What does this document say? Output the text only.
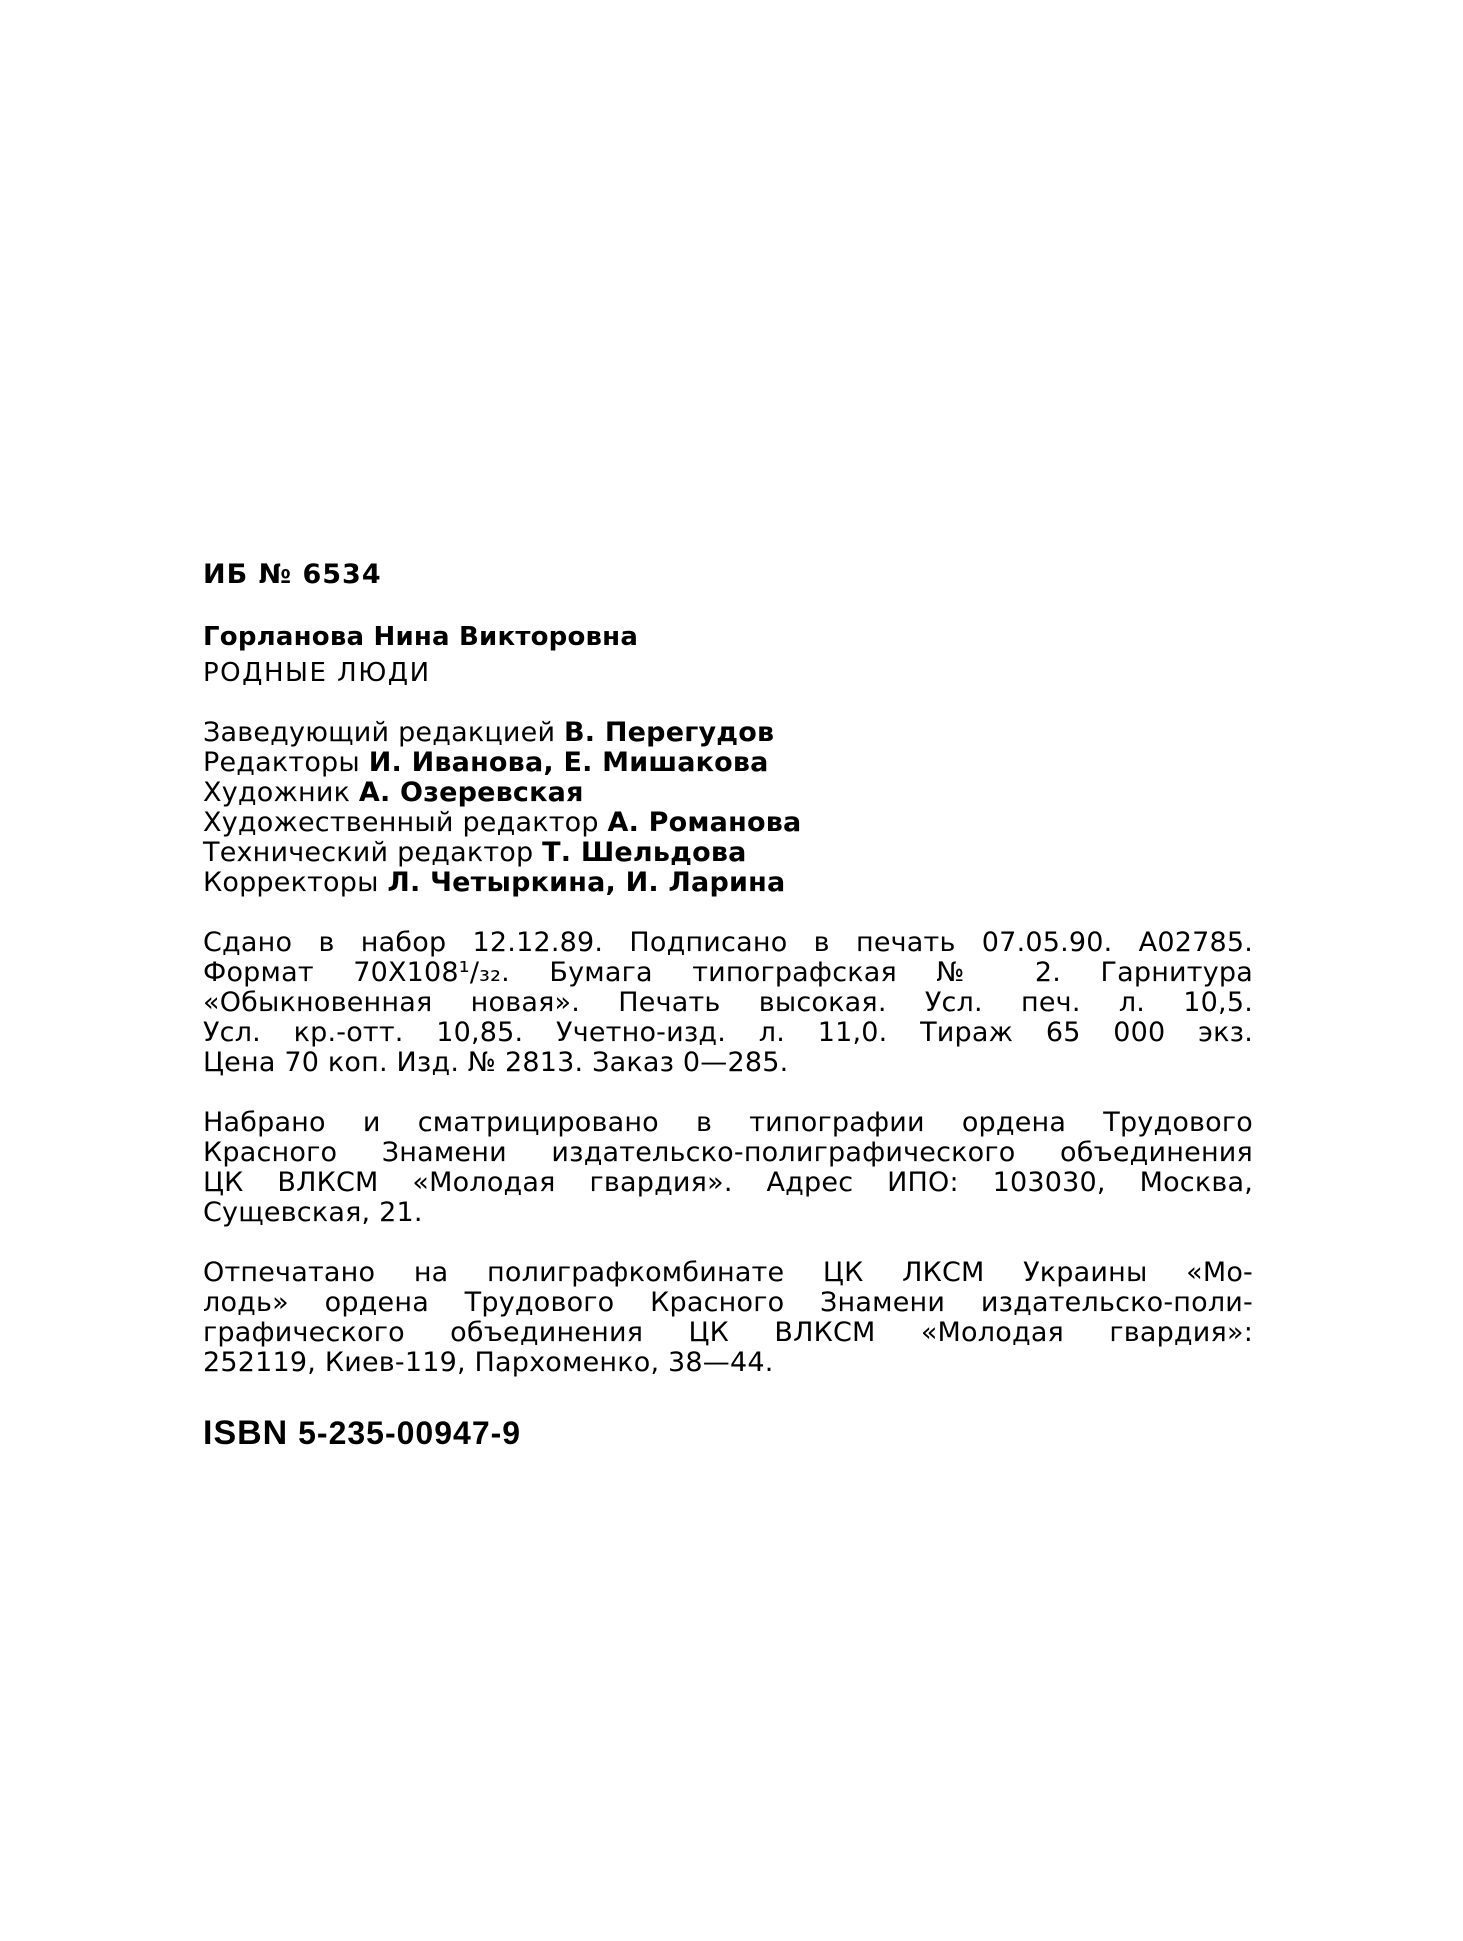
ИБ № 6534
Горланова Нина Викторовна
РОДНЫЕ ЛЮДИ
Заведующий редакцией В. Перегудов
Редакторы И. Иванова, Е. Мишакова
Художник А. Озеревская
Художественный редактор А. Романова
Технический редактор Т. Шельдова
Корректоры Л. Четыркина, И. Ларина
Сдано в набор 12.12.89. Подписано в печать 07.05.90. А02785.
Формат 70X108¹/₃₂. Бумага типографская № 2. Гарнитура
«Обыкновенная новая». Печать высокая. Усл. печ. л. 10,5.
Усл. кр.-отт. 10,85. Учетно-изд. л. 11,0. Тираж 65 000 экз.
Цена 70 коп. Изд. № 2813. Заказ 0—285.
Набрано и сматрицировано в типографии ордена Трудового
Красного Знамени издательско-полиграфического объединения
ЦК ВЛКСМ «Молодая гвардия». Адрес ИПО: 103030, Москва,
Сущевская, 21.
Отпечатано на полиграфкомбинате ЦК ЛКСМ Украины «Мо-
лодь» ордена Трудового Красного Знамени издательско-поли-
графического объединения ЦК ВЛКСМ «Молодая гвардия»:
252119, Киев-119, Пархоменко, 38—44.
ISBN 5-235-00947-9
